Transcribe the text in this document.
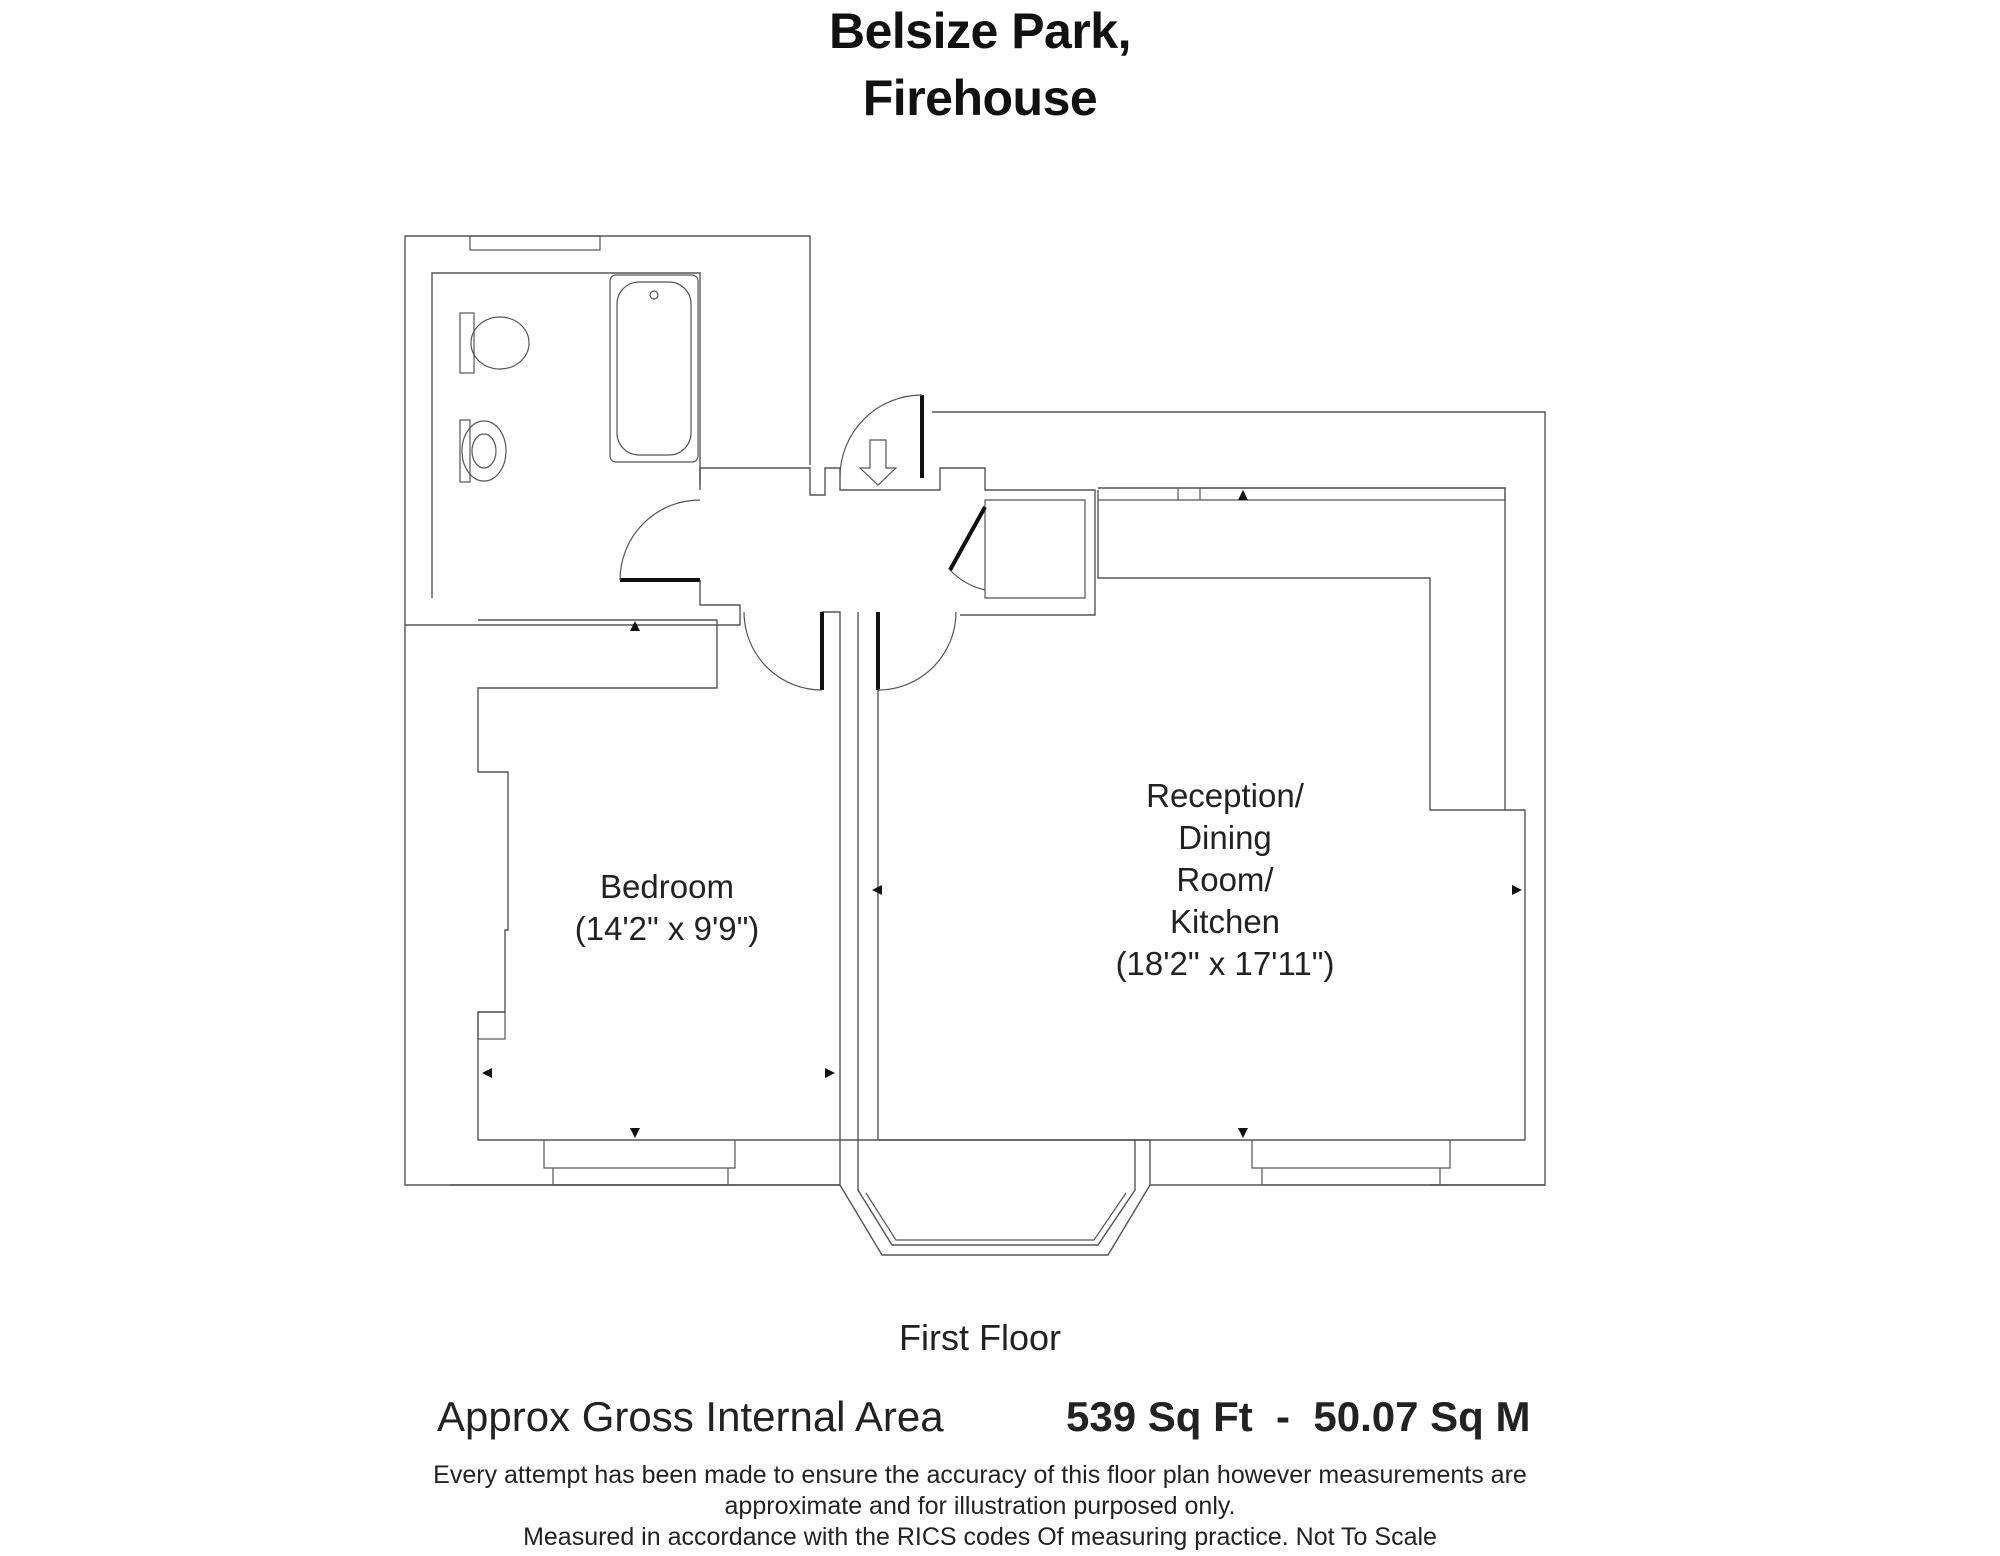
Belsize Park,
Firehouse
Bedroom
(14'2" x 9'9")
Reception/
Dining
Room/
Kitchen
(18'2" x 17'11")
First Floor
Approx Gross Internal Area	539 Sq Ft  -  50.07 Sq M
Every attempt has been made to ensure the accuracy of this floor plan however measurements are
approximate and for illustration purposed only.
Measured in accordance with the RICS codes Of measuring practice. Not To Scale
